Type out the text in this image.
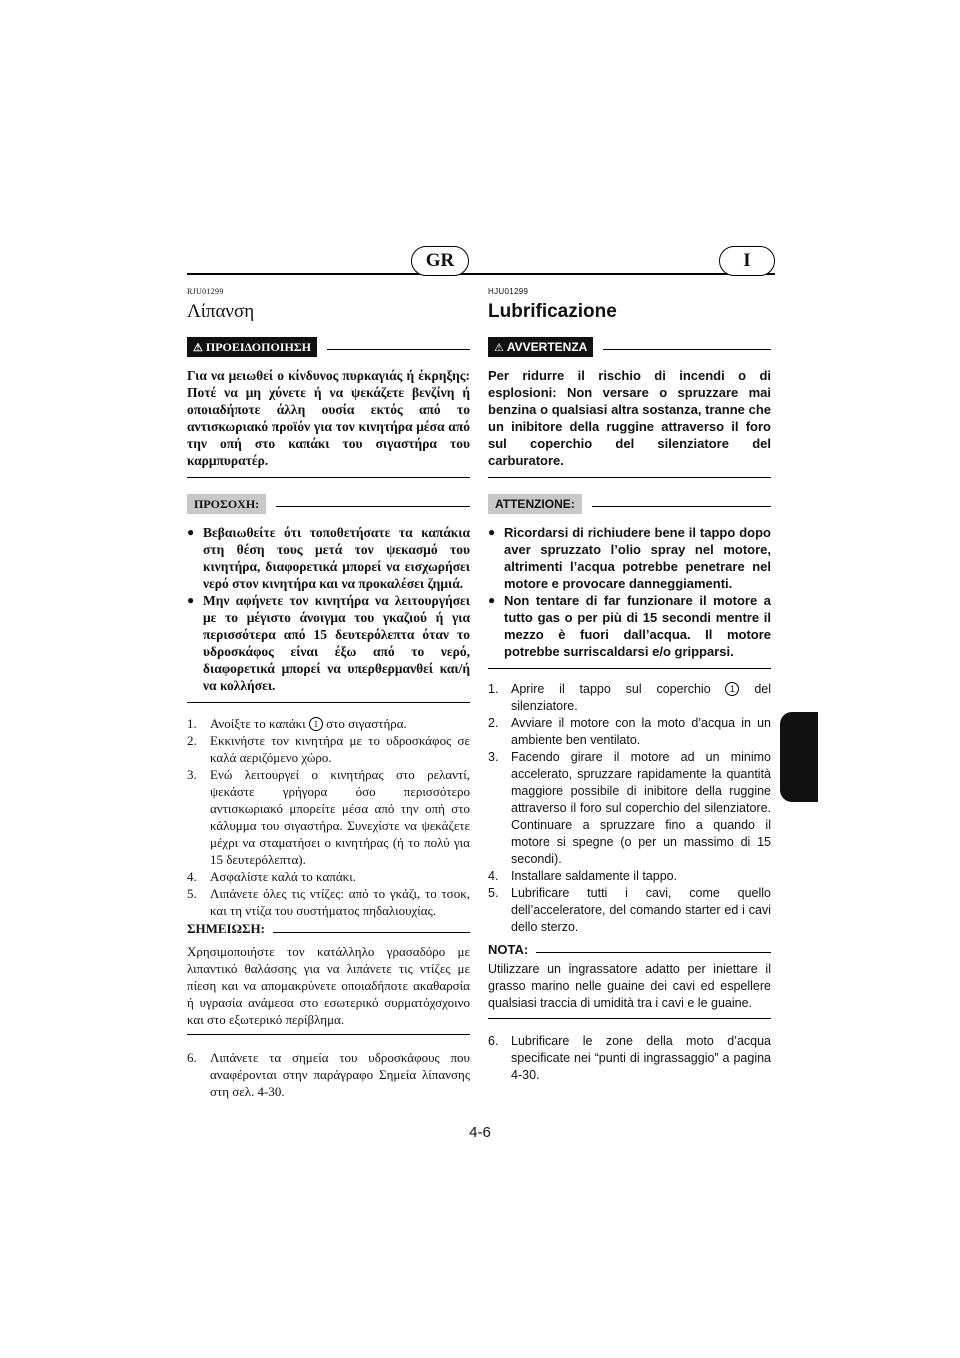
GR	I
RJU01299
Λίπανση
⚠ ΠΡΟΕΙΔΟΠΟΙΗΣΗ

Για να μειωθεί ο κίνδυνος πυρκαγιάς ή έκρηξης: Ποτέ να μη χύνετε ή να ψεκάζετε βενζίνη ή οποιαδήποτε άλλη ουσία εκτός από το αντισκωριακό προϊόν για τον κινητήρα μέσα από την οπή στο καπάκι του σιγαστήρα του καρμπυρατέρ.

ΠΡΟΣΟΧΗ:
● Βεβαιωθείτε ότι τοποθετήσατε τα καπάκια στη θέση τους μετά τον ψεκασμό του κινητήρα, διαφορετικά μπορεί να εισχωρήσει νερό στον κινητήρα και να προκαλέσει ζημιά.
● Μην αφήνετε τον κινητήρα να λειτουργήσει με το μέγιστο άνοιγμα του γκαζιού ή για περισσότερα από 15 δευτερόλεπτα όταν το υδροσκάφος είναι έξω από το νερό, διαφορετικά μπορεί να υπερθερμανθεί και/ή να κολλήσει.
1.	Ανοίξτε το καπάκι 1 στο σιγαστήρα.
2.	Εκκινήστε τον κινητήρα με το υδροσκάφος σε καλά αεριζόμενο χώρο.
3.	Ενώ λειτουργεί ο κινητήρας στο ρελαντί, ψεκάστε γρήγορα όσο περισσότερο αντισκωριακό μπορείτε μέσα από την οπή στο κάλυμμα του σιγαστήρα. Συνεχίστε να ψεκάζετε μέχρι να σταματήσει ο κινητήρας (ή το πολύ για 15 δευτερόλεπτα).
4.	Ασφαλίστε καλά το καπάκι.
5.	Λιπάνετε όλες τις ντίζες: από το γκάζι, το τσοκ, και τη ντίζα του συστήματος πηδαλιουχίας.
ΣΗΜΕΙΩΣΗ:

Χρησιμοποιήστε τον κατάλληλο γρασαδόρο με λιπαντικό θαλάσσης για να λιπάνετε τις ντίζες με πίεση και να απομακρύνετε οποιαδήποτε ακαθαρσία ή υγρασία ανάμεσα στο εσωτερικό συρματόχσχοινο και στο εξωτερικό περίβλημα.

6.	Λιπάνετε τα σημεία του υδροσκάφους που αναφέρονται στην παράγραφο Σημεία λίπανσης στη σελ. 4-30.
HJU01299
Lubrificazione
⚠ AVVERTENZA

Per ridurre il rischio di incendi o di esplosioni: Non versare o spruzzare mai benzina o qualsiasi altra sostanza, tranne che un inibitore della ruggine attraverso il foro sul coperchio del silenziatore del carburatore.

ATTENZIONE:
● Ricordarsi di richiudere bene il tappo dopo aver spruzzato l’olio spray nel motore, altrimenti l’acqua potrebbe penetrare nel motore e provocare danneggiamenti.
● Non tentare di far funzionare il motore a tutto gas o per più di 15 secondi mentre il mezzo è fuori dall’acqua. Il motore potrebbe surriscaldarsi e/o gripparsi.
1.	Aprire il tappo sul coperchio 1 del silenziatore.
2.	Avviare il motore con la moto d’acqua in un ambiente ben ventilato.
3.	Facendo girare il motore ad un minimo accelerato, spruzzare rapidamente la quantità maggiore possibile di inibitore della ruggine attraverso il foro sul coperchio del silenziatore. Continuare a spruzzare fino a quando il motore si spegne (o per un massimo di 15 secondi).
4.	Installare saldamente il tappo.
5.	Lubrificare tutti i cavi, come quello dell’acceleratore, del comando starter ed i cavi dello sterzo.
NOTA:

Utilizzare un ingrassatore adatto per iniettare il grasso marino nelle guaine dei cavi ed espellere qualsiasi traccia di umidità tra i cavi e le guaine.

6.	Lubrificare le zone della moto d’acqua specificate nei “punti di ingrassaggio” a pagina 4-30.
4-6
